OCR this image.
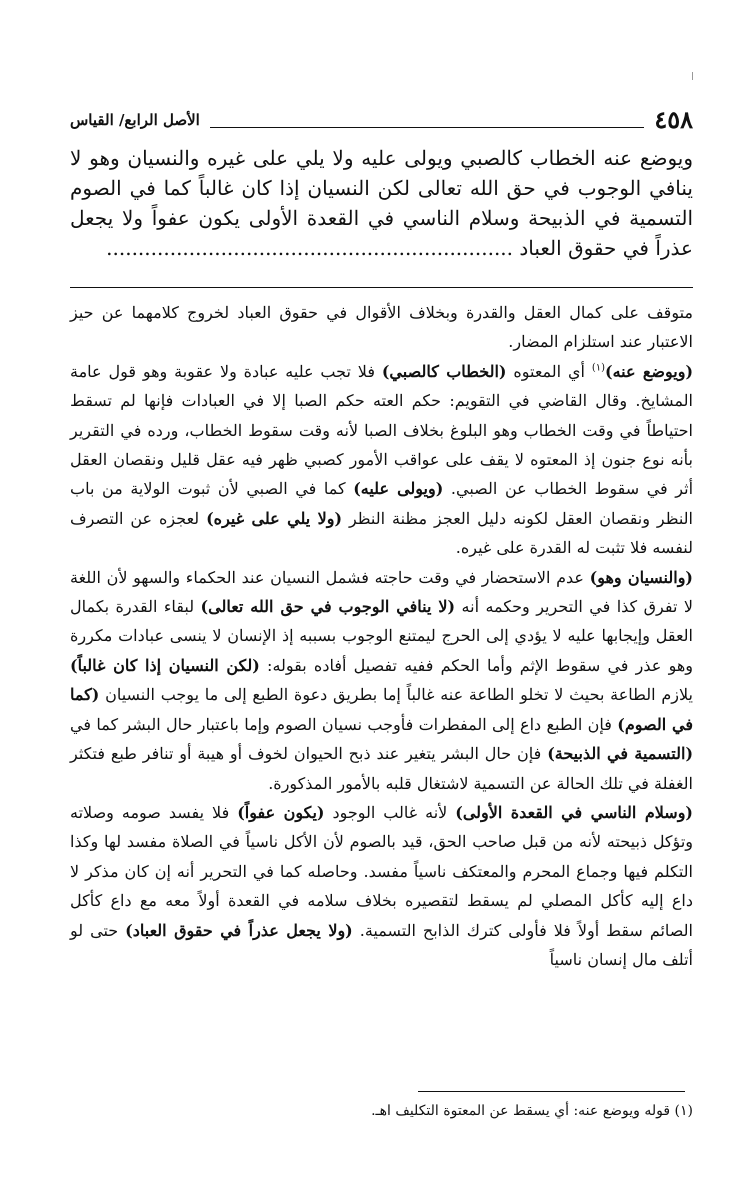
٤٥٨
الأصل الرابع/ القياس

ويوضع عنه الخطاب كالصبي ويولى عليه ولا يلي على غيره والنسيان وهو لا ينافي الوجوب في حق الله تعالى لكن النسيان إذا كان غالباً كما في الصوم التسمية في الذبيحة وسلام الناسي في القعدة الأولى يكون عفواً ولا يجعل عذراً في حقوق العباد ................................................................

متوقف على كمال العقل والقدرة وبخلاف الأقوال في حقوق العباد لخروج كلامهما عن حيز الاعتبار عند استلزام المضار.

(ويوضع عنه)$^{(١)}$ أي المعتوه (الخطاب كالصبي) فلا تجب عليه عبادة ولا عقوبة وهو قول عامة المشايخ. وقال القاضي في التقويم: حكم العته حكم الصبا إلا في العبادات فإنها لم تسقط احتياطاً في وقت الخطاب وهو البلوغ بخلاف الصبا لأنه وقت سقوط الخطاب، ورده في التقرير بأنه نوع جنون إذ المعتوه لا يقف على عواقب الأمور كصبي ظهر فيه عقل قليل ونقصان العقل أثر في سقوط الخطاب عن الصبي. (ويولى عليه) كما في الصبي لأن ثبوت الولاية من باب النظر ونقصان العقل لكونه دليل العجز مظنة النظر (ولا يلي على غيره) لعجزه عن التصرف لنفسه فلا تثبت له القدرة على غيره.

(والنسيان وهو) عدم الاستحضار في وقت حاجته فشمل النسيان عند الحكماء والسهو لأن اللغة لا تفرق كذا في التحرير وحكمه أنه (لا ينافي الوجوب في حق الله تعالى) لبقاء القدرة بكمال العقل وإيجابها عليه لا يؤدي إلى الحرج ليمتنع الوجوب بسببه إذ الإنسان لا ينسى عبادات مكررة وهو عذر في سقوط الإثم وأما الحكم ففيه تفصيل أفاده بقوله: (لكن النسيان إذا كان غالباً) يلازم الطاعة بحيث لا تخلو الطاعة عنه غالباً إما بطريق دعوة الطبع إلى ما يوجب النسيان (كما في الصوم) فإن الطبع داع إلى المفطرات فأوجب نسيان الصوم وإما باعتبار حال البشر كما في (التسمية في الذبيحة) فإن حال البشر يتغير عند ذبح الحيوان لخوف أو هيبة أو تنافر طبع فتكثر الغفلة في تلك الحالة عن التسمية لاشتغال قلبه بالأمور المذكورة.

(وسلام الناسي في القعدة الأولى) لأنه غالب الوجود (يكون عفواً) فلا يفسد صومه وصلاته وتؤكل ذبيحته لأنه من قبل صاحب الحق، قيد بالصوم لأن الأكل ناسياً في الصلاة مفسد لها وكذا التكلم فيها وجماع المحرم والمعتكف ناسياً مفسد. وحاصله كما في التحرير أنه إن كان مذكر لا داع إليه كأكل المصلي لم يسقط لتقصيره بخلاف سلامه في القعدة أولاً معه مع داع كأكل الصائم سقط أولاً فلا فأولى كترك الذابح التسمية. (ولا يجعل عذراً في حقوق العباد) حتى لو أتلف مال إنسان ناسياً

(١) قوله ويوضع عنه: أي يسقط عن المعتوة التكليف اهـ.
